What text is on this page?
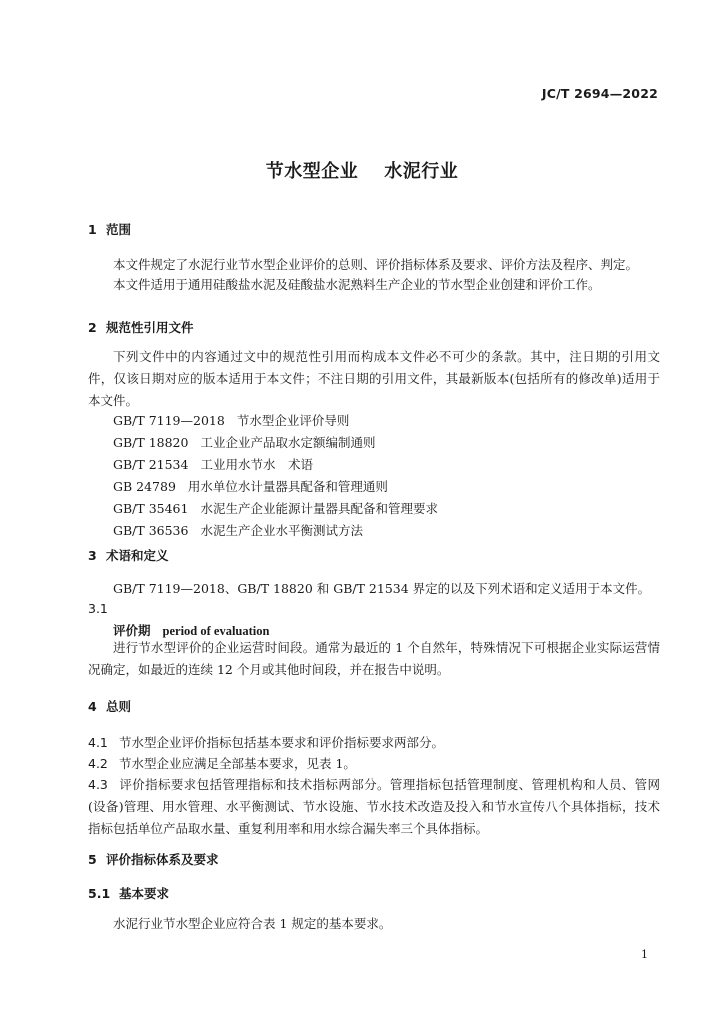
JC/T 2694—2022
节水型企业 水泥行业
1 范围
本文件规定了水泥行业节水型企业评价的总则、评价指标体系及要求、评价方法及程序、判定。
本文件适用于通用硅酸盐水泥及硅酸盐水泥熟料生产企业的节水型企业创建和评价工作。
2 规范性引用文件
下列文件中的内容通过文中的规范性引用而构成本文件必不可少的条款。其中，注日期的引用文件，仅该日期对应的版本适用于本文件；不注日期的引用文件，其最新版本(包括所有的修改单)适用于本文件。
GB/T 7119—2018 节水型企业评价导则
GB/T 18820 工业企业产品取水定额编制通则
GB/T 21534 工业用水节水　术语
GB 24789 用水单位水计量器具配备和管理通则
GB/T 35461 水泥生产企业能源计量器具配备和管理要求
GB/T 36536 水泥生产企业水平衡测试方法
3 术语和定义
GB/T 7119—2018、GB/T 18820 和 GB/T 21534 界定的以及下列术语和定义适用于本文件。
3.1
评价期 period of evaluation
进行节水型评价的企业运营时间段。通常为最近的 1 个自然年，特殊情况下可根据企业实际运营情况确定，如最近的连续 12 个月或其他时间段，并在报告中说明。
4 总则
4.1 节水型企业评价指标包括基本要求和评价指标要求两部分。
4.2 节水型企业应满足全部基本要求，见表 1。
4.3 评价指标要求包括管理指标和技术指标两部分。管理指标包括管理制度、管理机构和人员、管网(设备)管理、用水管理、水平衡测试、节水设施、节水技术改造及投入和节水宣传八个具体指标，技术指标包括单位产品取水量、重复利用率和用水综合漏失率三个具体指标。
5 评价指标体系及要求
5.1 基本要求
水泥行业节水型企业应符合表 1 规定的基本要求。
1
